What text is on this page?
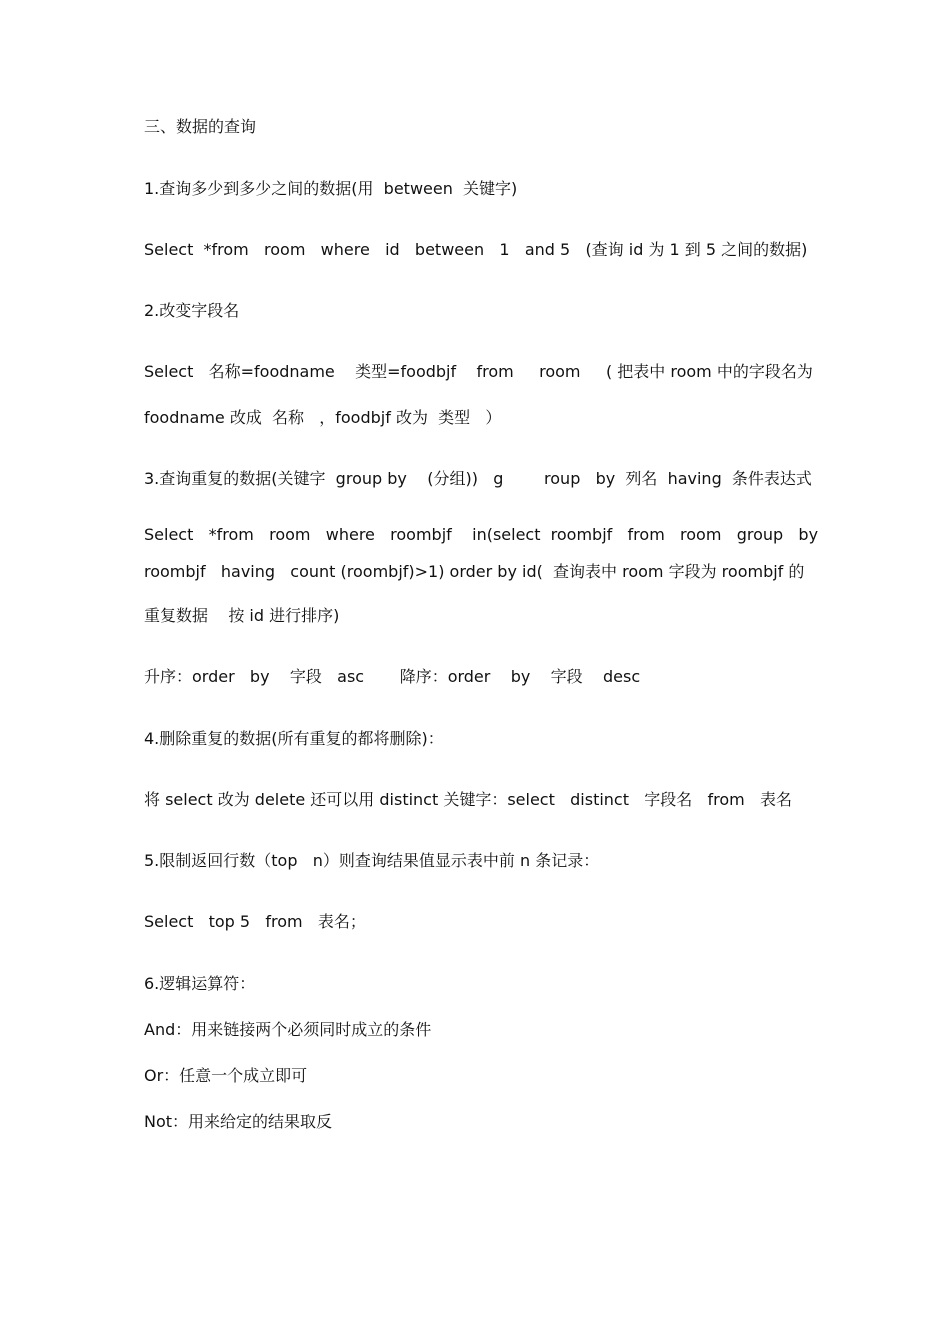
三、数据的查询
1.查询多少到多少之间的数据(用  between  关键字)
Select  *from   room   where   id   between   1   and 5   (查询 id 为 1 到 5 之间的数据)
2.改变字段名
Select   名称=foodname    类型=foodbjf    from     room     ( 把表中 room 中的字段名为
foodname 改成  名称   ，foodbjf 改为  类型   ）
3.查询重复的数据(关键字  group by    (分组))   g        roup   by  列名  having  条件表达式
Select   *from   room   where   roombjf    in(select  roombjf   from   room   group   by
roombjf   having   count (roombjf)>1) order by id(  查询表中 room 字段为 roombjf 的
重复数据    按 id 进行排序)
升序：order   by    字段   asc       降序：order    by    字段    desc
4.删除重复的数据(所有重复的都将删除)：
将 select 改为 delete 还可以用 distinct 关键字：select   distinct   字段名   from   表名
5.限制返回行数（top   n）则查询结果值显示表中前 n 条记录：
Select   top 5   from   表名；
6.逻辑运算符：
And：用来链接两个必须同时成立的条件
Or：任意一个成立即可
Not：用来给定的结果取反
